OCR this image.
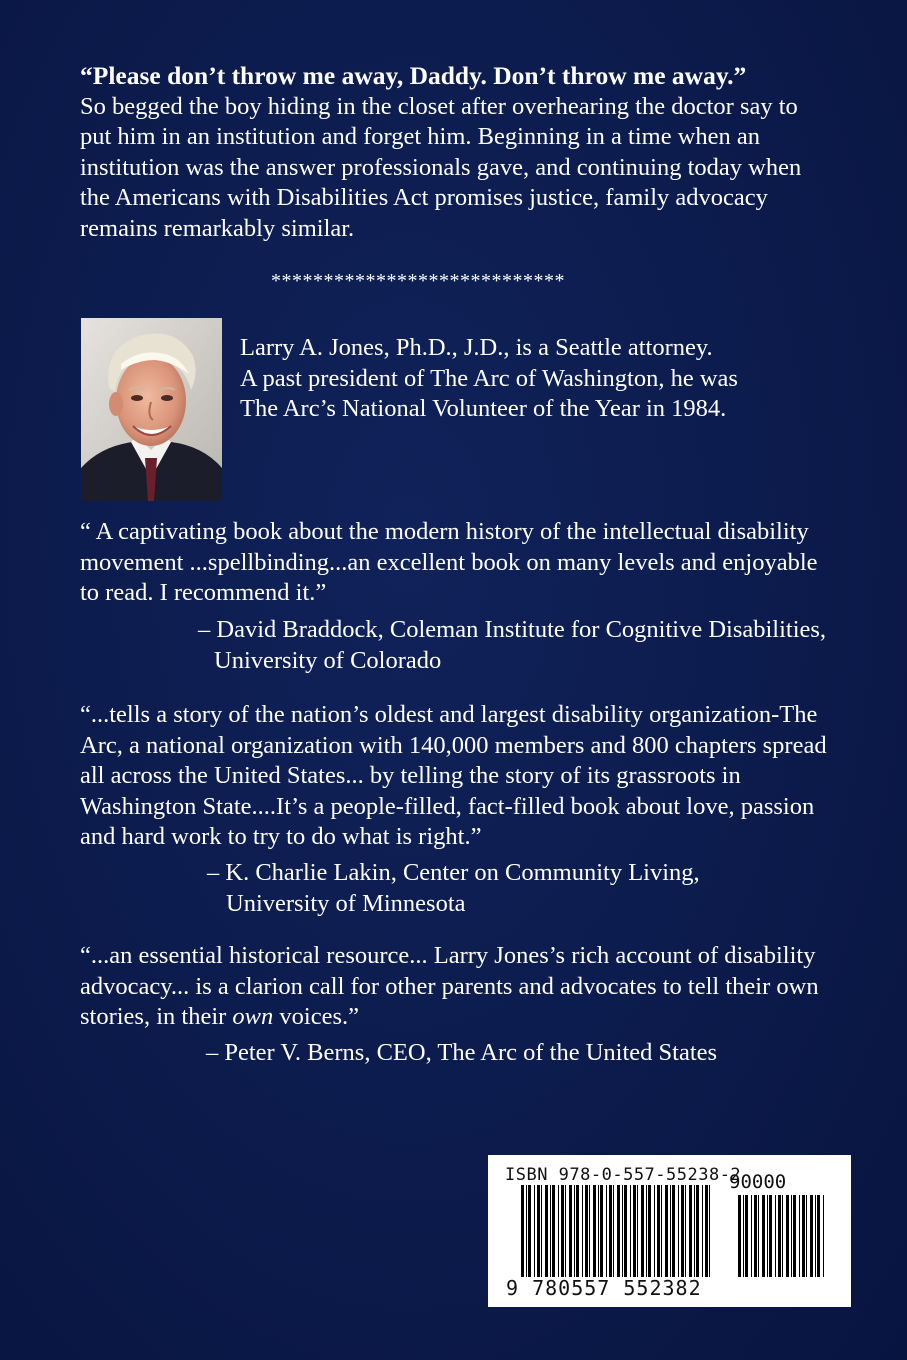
“Please don’t throw me away, Daddy. Don’t throw me away.”
So begged the boy hiding in the closet after overhearing the doctor say to
put him in an institution and forget him. Beginning in a time when an
institution was the answer professionals gave, and continuing today when
the Americans with Disabilities Act promises justice, family advocacy
remains remarkably similar.
****************************
Larry A. Jones, Ph.D., J.D., is a Seattle attorney.
A past president of The Arc of Washington, he was
The Arc’s National Volunteer of the Year in 1984.
“ A captivating book about the modern history of the intellectual disability
movement ...spellbinding...an excellent book on many levels and enjoyable
to read. I recommend it.”
– David Braddock, Coleman Institute for Cognitive Disabilities,
University of Colorado
“...tells a story of the nation’s oldest and largest disability organization-The
Arc, a national organization with 140,000 members and 800 chapters spread
all across the United States... by telling the story of its grassroots in
Washington State....It’s a people-filled, fact-filled book about love, passion
and hard work to try to do what is right.”
– K. Charlie Lakin, Center on Community Living,
University of Minnesota
“...an essential historical resource... Larry Jones’s rich account of disability
advocacy... is a clarion call for other parents and advocates to tell their own
stories, in their own voices.”
– Peter V. Berns, CEO, The Arc of the United States
ISBN 978-0-557-55238-2
90000
9 780557 552382
